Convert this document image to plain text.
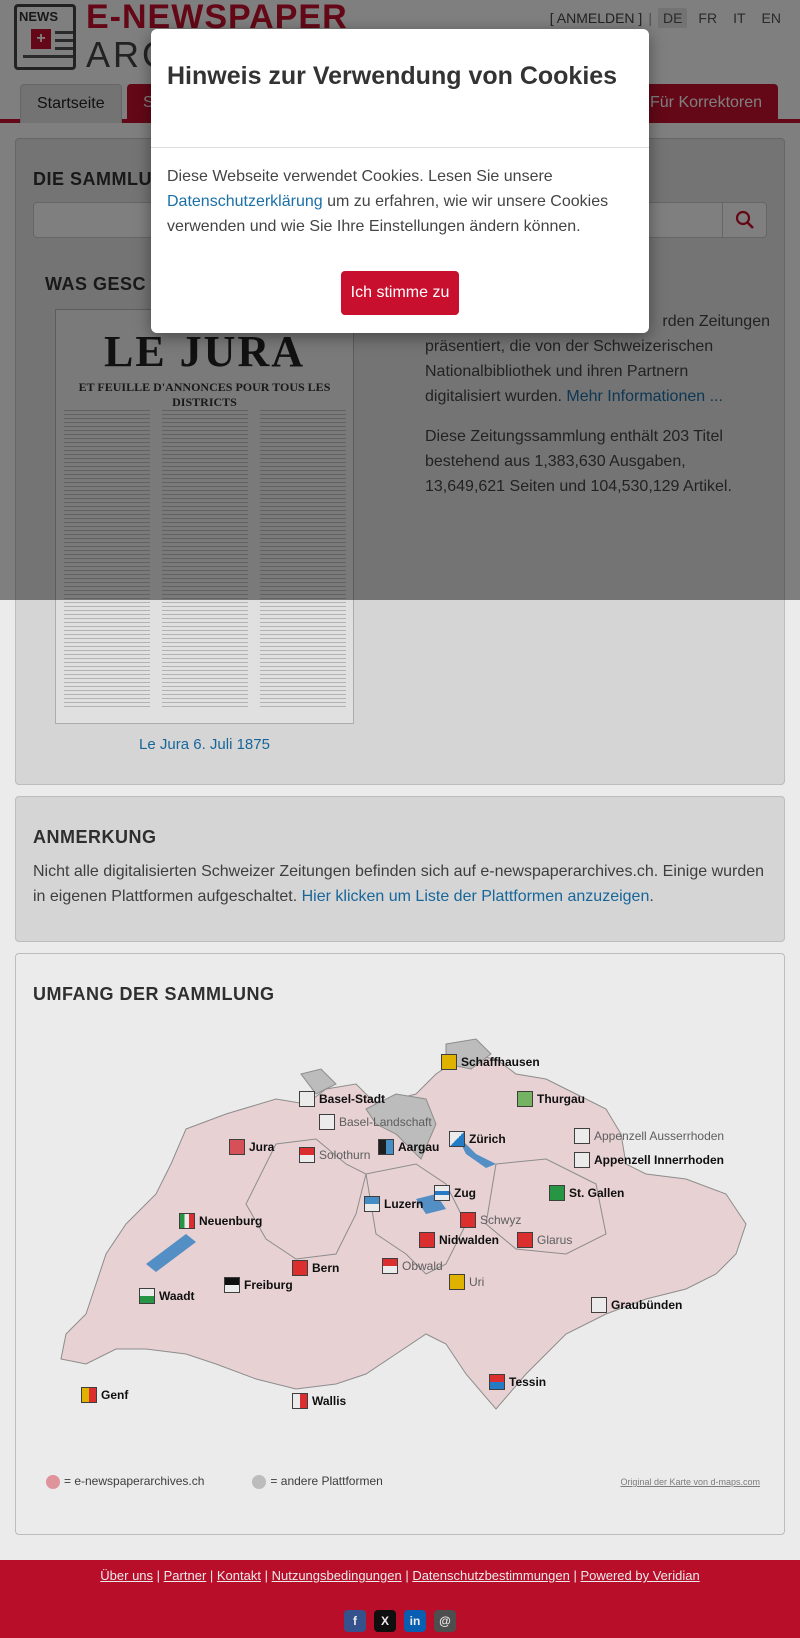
Le Jura 6. Juli 1875

ANMERKUNG

Nicht alle digitalisierten Schweizer Zeitungen befinden sich auf e-newspaperarchives.ch. Einige wurden in eigenen Plattformen aufgeschaltet. Hier klicken um Liste der Plattformen anzuzeigen.

UMFANG DER SAMMLUNG
Schaffhausen
Basel-Stadt
Basel-Landschaft
Thurgau
Jura
Solothurn
Aargau
Zürich	Appenzell Ausserrhoden
Appenzell Innerrhoden
St. Gallen
Luzern
Zug
Schwyz
Neuenburg
Nidwalden	Glarus
Bern	Obwald
Freiburg	Uri
Waadt
Graubünden
Genf	Wallis
Tessin
= e-newspaperarchives.ch	= andere Plattformen	Original der Karte von d-maps.com
Über uns | Partner | Kontakt | Nutzungsbedingungen | Datenschutzbestimmungen | Powered by Veridian
f	X	in	@
Hinweis zur Verwendung von Cookies
Diese Webseite verwendet Cookies. Lesen Sie unsere Datenschutzerklärung um zu erfahren, wie wir unsere Cookies verwenden und wie Sie Ihre Einstellungen ändern können.
Ich stimme zu
